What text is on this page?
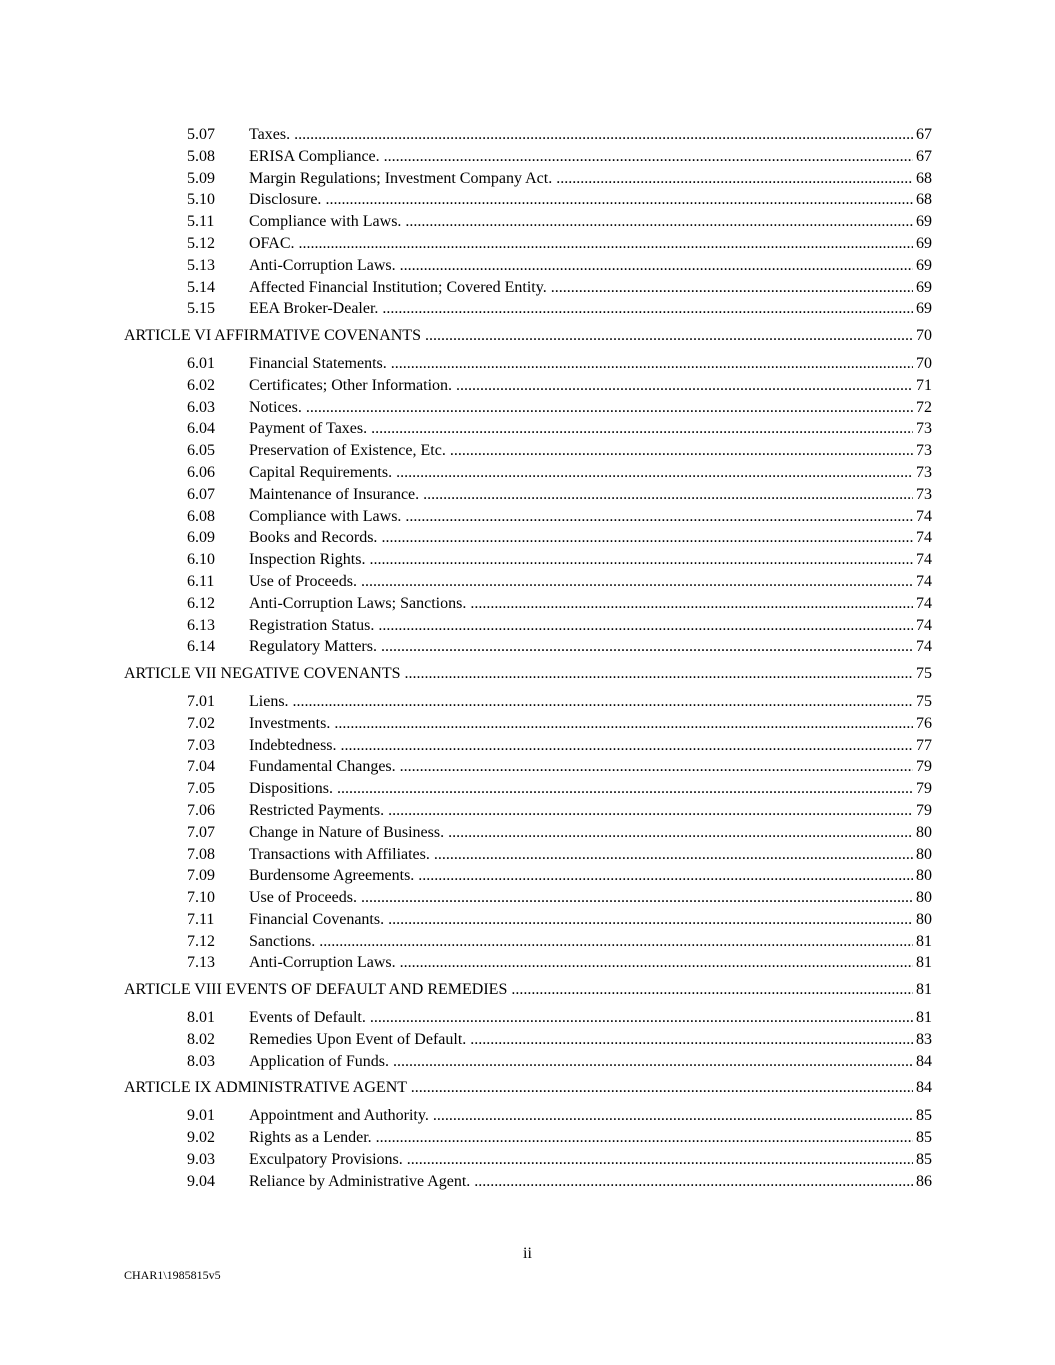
5.07 Taxes. .....	67
5.08 ERISA Compliance. .....	67
5.09 Margin Regulations; Investment Company Act. .....	68
5.10 Disclosure. .....	68
5.11 Compliance with Laws. .....	69
5.12 OFAC. .....	69
5.13 Anti-Corruption Laws. .....	69
5.14 Affected Financial Institution; Covered Entity. .....	69
5.15 EEA Broker-Dealer. .....	69
ARTICLE VI AFFIRMATIVE COVENANTS .....	70
6.01 Financial Statements. .....	70
6.02 Certificates; Other Information. .....	71
6.03 Notices. .....	72
6.04 Payment of Taxes. .....	73
6.05 Preservation of Existence, Etc. .....	73
6.06 Capital Requirements. .....	73
6.07 Maintenance of Insurance. .....	73
6.08 Compliance with Laws. .....	74
6.09 Books and Records. .....	74
6.10 Inspection Rights. .....	74
6.11 Use of Proceeds. .....	74
6.12 Anti-Corruption Laws; Sanctions. .....	74
6.13 Registration Status. .....	74
6.14 Regulatory Matters. .....	74
ARTICLE VII NEGATIVE COVENANTS .....	75
7.01 Liens. .....	75
7.02 Investments. .....	76
7.03 Indebtedness. .....	77
7.04 Fundamental Changes. .....	79
7.05 Dispositions. .....	79
7.06 Restricted Payments. .....	79
7.07 Change in Nature of Business. .....	80
7.08 Transactions with Affiliates. .....	80
7.09 Burdensome Agreements. .....	80
7.10 Use of Proceeds. .....	80
7.11 Financial Covenants. .....	80
7.12 Sanctions. .....	81
7.13 Anti-Corruption Laws. .....	81
ARTICLE VIII EVENTS OF DEFAULT AND REMEDIES .....	81
8.01 Events of Default. .....	81
8.02 Remedies Upon Event of Default. .....	83
8.03 Application of Funds. .....	84
ARTICLE IX ADMINISTRATIVE AGENT .....	84
9.01 Appointment and Authority. .....	85
9.02 Rights as a Lender. .....	85
9.03 Exculpatory Provisions. .....	85
9.04 Reliance by Administrative Agent. .....	86
ii
CHAR1\1985815v5
